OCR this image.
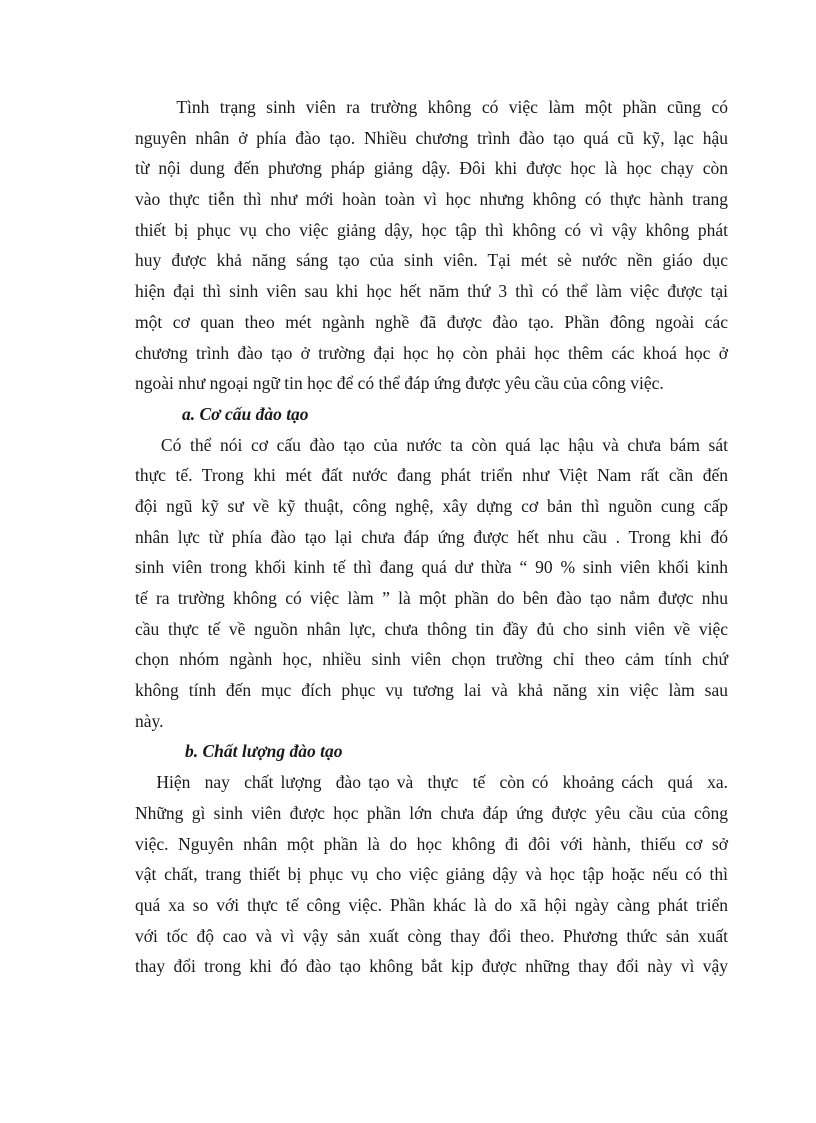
Tình trạng sinh viên ra trường không có việc làm một phần cũng có
nguyên nhân ở phía đào tạo. Nhiều chương trình đào tạo quá cũ kỹ, lạc hậu
từ nội dung đến phương pháp giảng dậy. Đôi khi được học là học chạy còn
vào thực tiễn thì như mới hoàn toàn vì học nhưng không có thực hành trang
thiết bị phục vụ cho việc giảng dậy, học tập thì không có vì vậy không phát
huy được khả năng sáng tạo của sinh viên. Tại mét sè nước nền giáo dục
hiện đại thì sinh viên sau khi học hết năm thứ 3 thì có thể làm việc được tại
một cơ quan theo mét ngành nghề đã được đào tạo. Phần đông ngoài các
chương trình đào tạo ở trường đại học họ còn phải học thêm các khoá học ở
ngoài như ngoại ngữ tin học để có thể đáp ứng được yêu cầu của công việc.
a. Cơ cấu đào tạo
Có thể nói cơ cấu đào tạo của nước ta còn quá lạc hậu và chưa bám sát
thực tế. Trong khi mét đất nước đang phát triển như Việt Nam rất cần đến
đội ngũ kỹ sư về kỹ thuật, công nghệ, xây dựng cơ bản thì nguồn cung cấp
nhân lực từ phía đào tạo lại chưa đáp ứng được hết nhu cầu . Trong khi đó
sinh viên trong khối kinh tế thì đang quá dư thừa “ 90 % sinh viên khối kinh
tế ra trường không có việc làm ” là một phần do bên đào tạo nắm được nhu
cầu thực tế về nguồn nhân lực, chưa thông tin đầy đủ cho sinh viên về việc
chọn nhóm ngành học, nhiều sinh viên chọn trường chỉ theo cảm tính chứ
không tính đến mục đích phục vụ tương lai và khả năng xin việc làm sau
này.
b. Chất lượng đào tạo
Hiện  nay  chất lượng  đào tạo và  thực  tế  còn có  khoảng cách  quá  xa.
Những gì sinh viên được học phần lớn chưa đáp ứng được yêu cầu của công
việc. Nguyên nhân một phần là do học không đi đôi với hành, thiếu cơ sở
vật chất, trang thiết bị phục vụ cho việc giảng dậy và học tập hoặc nếu có thì
quá xa so với thực tế công việc. Phần khác là do xã hội ngày càng phát triển
với tốc độ cao và vì vậy sản xuất còng thay đổi theo. Phương thức sản xuất
thay đổi trong khi đó đào tạo không bắt kịp được những thay đổi này vì vậy
